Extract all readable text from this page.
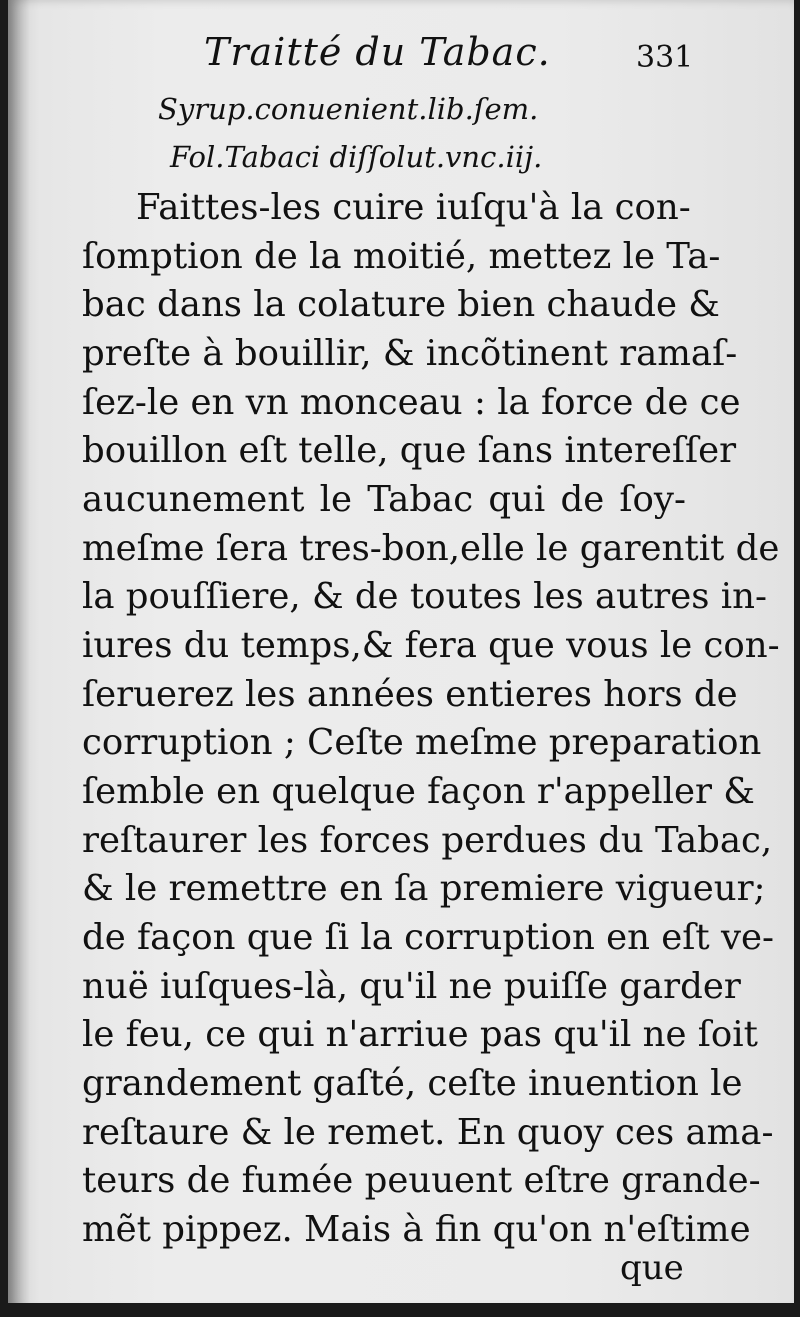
Traitté du Tabac.	331
Syrup.conuenient.lib.ſem.
Fol.Tabaci diſſolut.vnc.iij.
Faittes-les cuire iuſqu'à la con-
ſomption de la moitié, mettez le Ta-
bac dans la colature bien chaude &
preſte à bouillir, & incõtinent ramaſ-
ſez-le en vn monceau : la force de ce
bouillon eſt telle, que ſans intereſſer
aucunement le Tabac qui de ſoy-
meſme ſera tres-bon,elle le garentit de
la pouſſiere, & de toutes les autres in-
iures du temps,& fera que vous le con-
ſeruerez les années entieres hors de
corruption ; Ceſte meſme preparation
ſemble en quelque façon r'appeller &
reſtaurer les forces perdues du Tabac,
& le remettre en ſa premiere vigueur;
de façon que ſi la corruption en eſt ve-
nuë iuſques-là, qu'il ne puiſſe garder
le feu, ce qui n'arriue pas qu'il ne ſoit
grandement gaſté, ceſte inuention le
reſtaure & le remet. En quoy ces ama-
teurs de fumée peuuent eſtre grande-
mẽt pippez. Mais à fin qu'on n'eſtime
que
